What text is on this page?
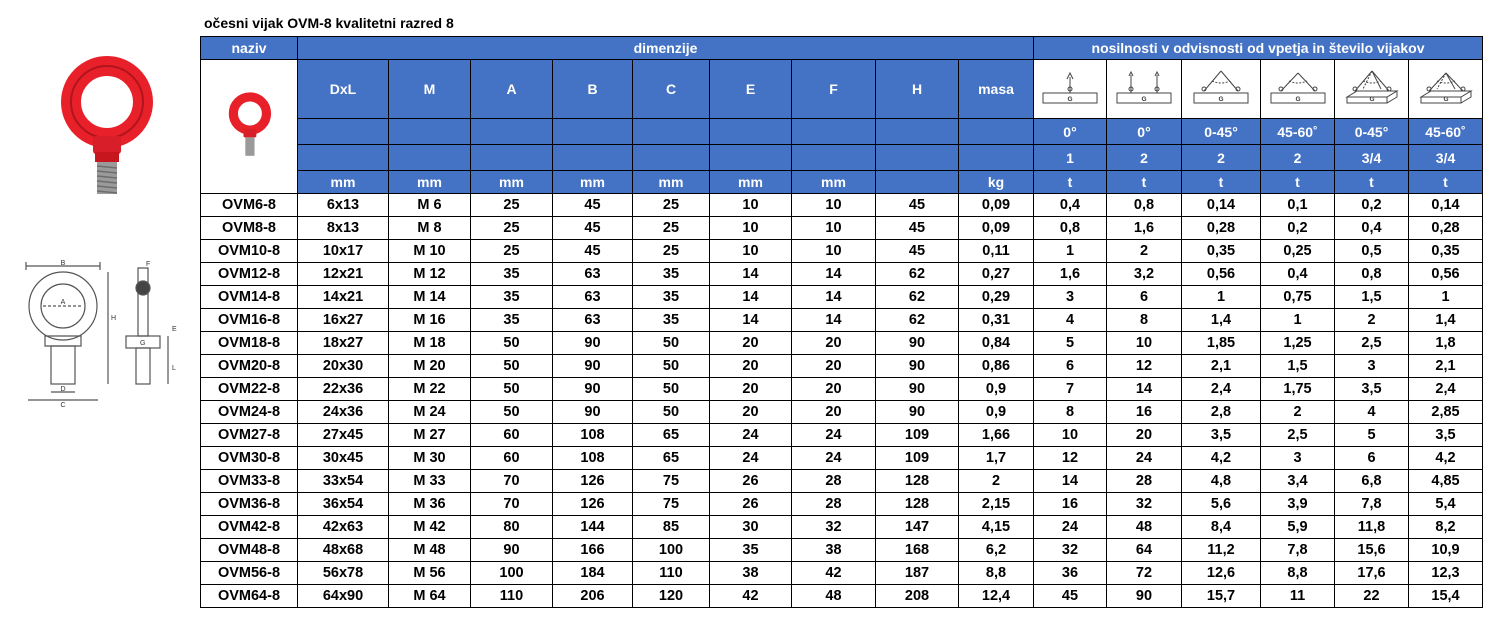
očesni vijak OVM-8 kvalitetni razred 8
B
A
H
F
G
E
L
D
C
naziv	dimenzije									nosilnosti v odvisnosti od vpetja in število vijakov					
	DxL	M	A	B	C	E	F	H	masa	G	G	G	G	G	G

										0°	0°	0-45°	45-60˚	0-45°	45-60˚
										1	2	2	2	3/4	3/4
	mm	mm	mm	mm	mm	mm	mm		kg	t	t	t	t	t	t
OVM6-8	6x13	M 6	25	45	25	10	10	45	0,09	0,4	0,8	0,14	0,1	0,2	0,14
OVM8-8	8x13	M 8	25	45	25	10	10	45	0,09	0,8	1,6	0,28	0,2	0,4	0,28
OVM10-8	10x17	M 10	25	45	25	10	10	45	0,11	1	2	0,35	0,25	0,5	0,35
OVM12-8	12x21	M 12	35	63	35	14	14	62	0,27	1,6	3,2	0,56	0,4	0,8	0,56
OVM14-8	14x21	M 14	35	63	35	14	14	62	0,29	3	6	1	0,75	1,5	1
OVM16-8	16x27	M 16	35	63	35	14	14	62	0,31	4	8	1,4	1	2	1,4
OVM18-8	18x27	M 18	50	90	50	20	20	90	0,84	5	10	1,85	1,25	2,5	1,8
OVM20-8	20x30	M 20	50	90	50	20	20	90	0,86	6	12	2,1	1,5	3	2,1
OVM22-8	22x36	M 22	50	90	50	20	20	90	0,9	7	14	2,4	1,75	3,5	2,4
OVM24-8	24x36	M 24	50	90	50	20	20	90	0,9	8	16	2,8	2	4	2,85
OVM27-8	27x45	M 27	60	108	65	24	24	109	1,66	10	20	3,5	2,5	5	3,5
OVM30-8	30x45	M 30	60	108	65	24	24	109	1,7	12	24	4,2	3	6	4,2
OVM33-8	33x54	M 33	70	126	75	26	28	128	2	14	28	4,8	3,4	6,8	4,85
OVM36-8	36x54	M 36	70	126	75	26	28	128	2,15	16	32	5,6	3,9	7,8	5,4
OVM42-8	42x63	M 42	80	144	85	30	32	147	4,15	24	48	8,4	5,9	11,8	8,2
OVM48-8	48x68	M 48	90	166	100	35	38	168	6,2	32	64	11,2	7,8	15,6	10,9
OVM56-8	56x78	M 56	100	184	110	38	42	187	8,8	36	72	12,6	8,8	17,6	12,3
OVM64-8	64x90	M 64	110	206	120	42	48	208	12,4	45	90	15,7	11	22	15,4
